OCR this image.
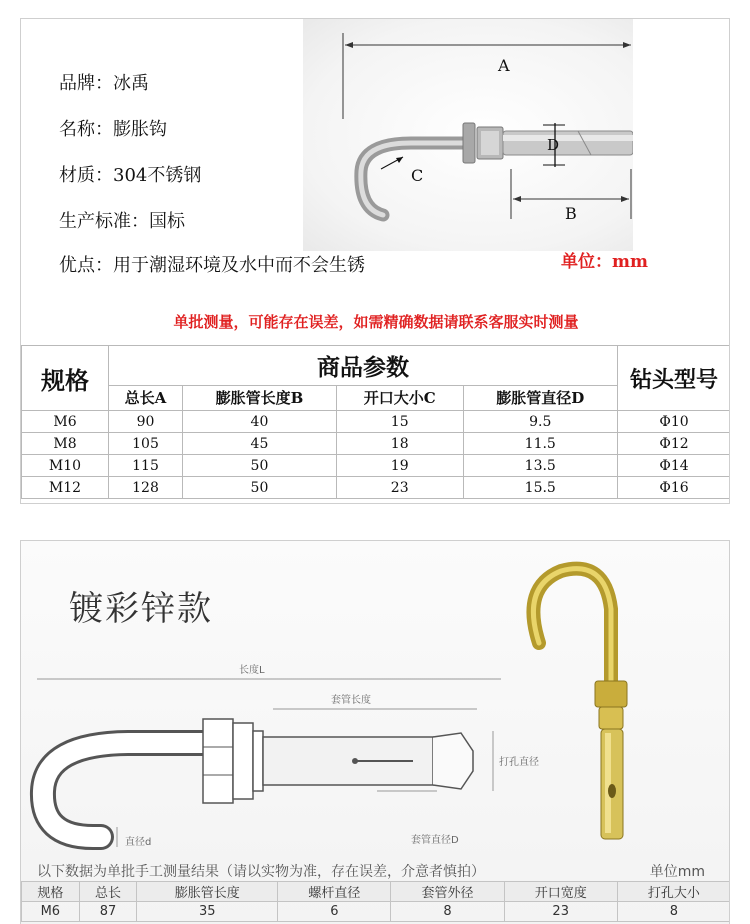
A
D
B
C
品牌：冰禹
名称：膨胀钩
材质：304不锈钢
生产标准：国标
优点：用于潮湿环境及水中而不会生锈	单位：mm
单批测量，可能存在误差，如需精确数据请联系客服实时测量
规格	商品参数				钻头型号
	总长A	膨胀管长度B	开口大小C	膨胀管直径D	
M6	90	40	15	9.5	Φ10
M8	105	45	18	11.5	Φ12
M10	115	50	19	13.5	Φ14
M12	128	50	23	15.5	Φ16
镀彩锌款
长度L
套管长度
打孔直径
直径d	套管直径D
以下数据为单批手工测量结果（请以实物为准，存在误差，介意者慎拍）	单位mm
规格	总长	膨胀管长度	螺杆直径	套管外径	开口宽度	打孔大小
M6	87	35	6	8	23	8
